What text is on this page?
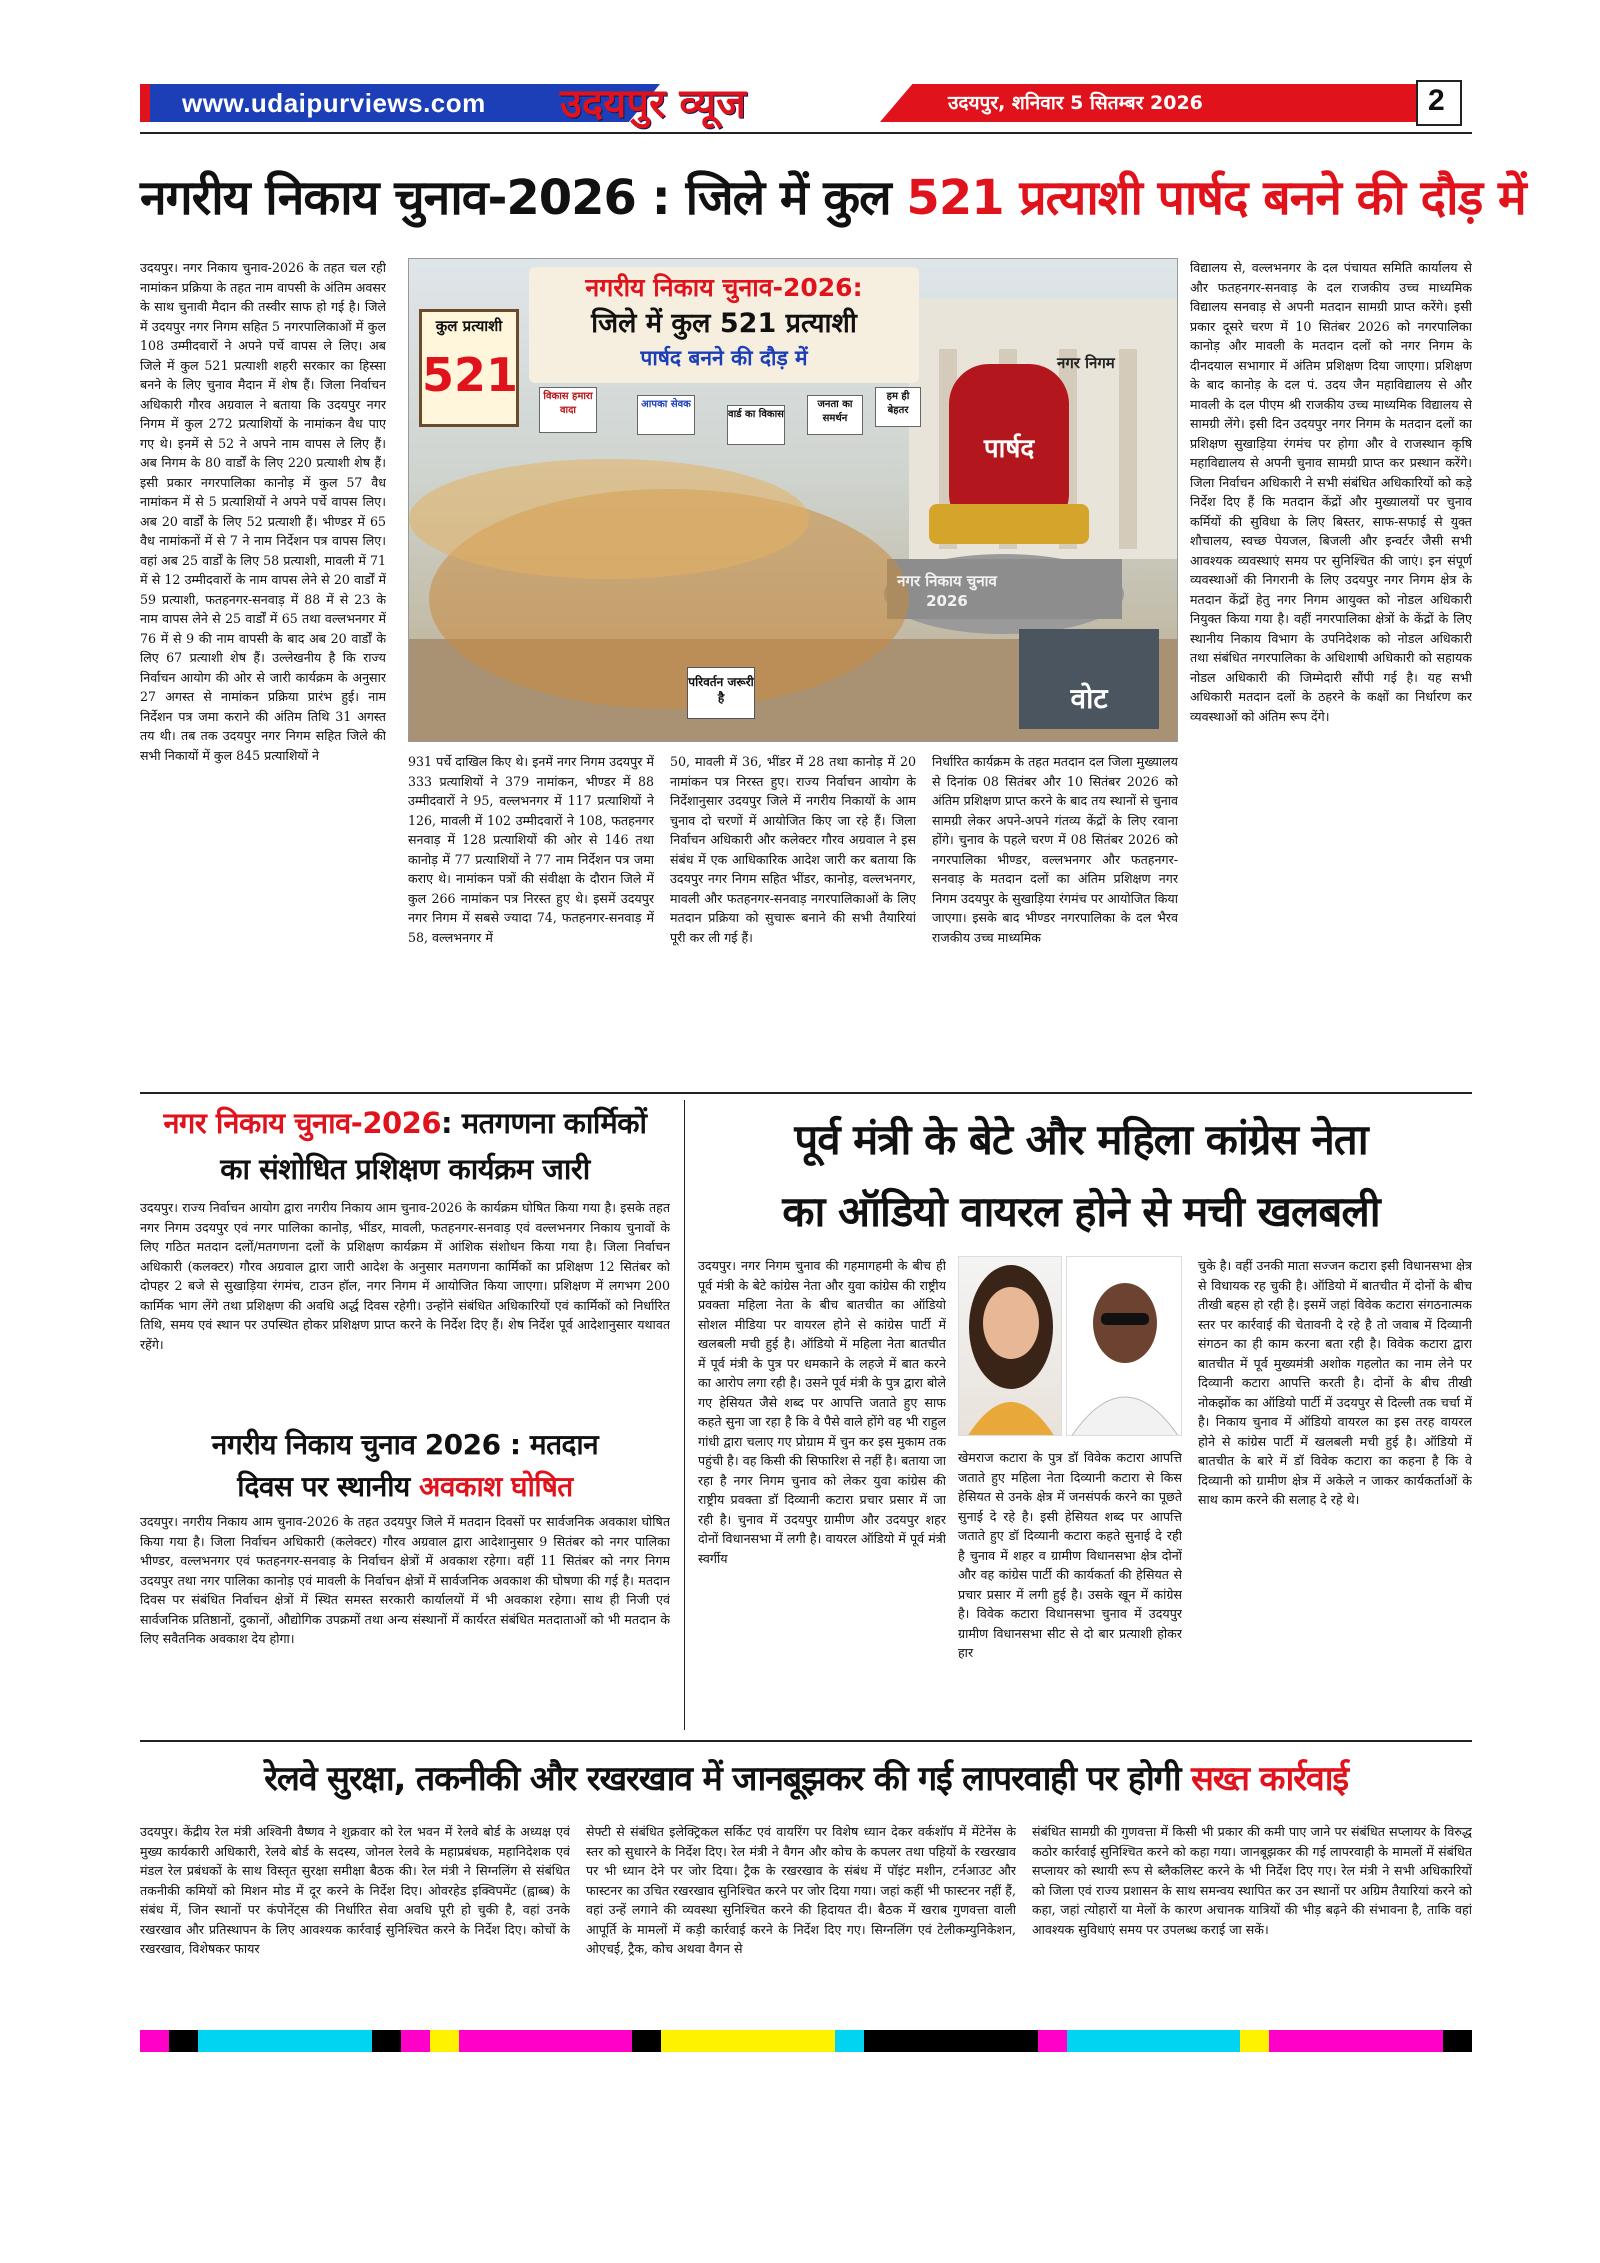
www.udaipurviews.com उदयपुर व्यूज	उदयपुर, शनिवार 5 सितम्बर 2026	2
नगरीय निकाय चुनाव-2026 : जिले में कुल 521 प्रत्याशी पार्षद बनने की दौड़ में

उदयपुर। नगर निकाय चुनाव-2026 के तहत चल रही नामांकन प्रक्रिया के तहत नाम वापसी के अंतिम अवसर के साथ चुनावी मैदान की तस्वीर साफ हो गई है। जिले में उदयपुर नगर निगम सहित 5 नगरपालिकाओं में कुल 108 उम्मीदवारों ने अपने पर्चे वापस ले लिए। अब जिले में कुल 521 प्रत्याशी शहरी सरकार का हिस्सा बनने के लिए चुनाव मैदान में शेष हैं। जिला निर्वाचन अधिकारी गौरव अग्रवाल ने बताया कि उदयपुर नगर निगम में कुल 272 प्रत्याशियों के नामांकन वैध पाए गए थे। इनमें से 52 ने अपने नाम वापस ले लिए हैं। अब निगम के 80 वार्डों के लिए 220 प्रत्याशी शेष हैं। इसी प्रकार नगरपालिका कानोड़ में कुल 57 वैध नामांकन में से 5 प्रत्याशियों ने अपने पर्चे वापस लिए। अब 20 वार्डों के लिए 52 प्रत्याशी हैं। भीण्डर में 65 वैध नामांकनों में से 7 ने नाम निर्देशन पत्र वापस लिए। वहां अब 25 वार्डों के लिए 58 प्रत्याशी, मावली में 71 में से 12 उम्मीदवारों के नाम वापस लेने से 20 वार्डों में 59 प्रत्याशी, फतहनगर-सनवाड़ में 88 में से 23 के नाम वापस लेने से 25 वार्डों में 65 तथा वल्लभनगर में 76 में से 9 की नाम वापसी के बाद अब 20 वार्डों के लिए 67 प्रत्याशी शेष हैं। उल्लेखनीय है कि राज्य निर्वाचन आयोग की ओर से जारी कार्यक्रम के अनुसार 27 अगस्त से नामांकन प्रक्रिया प्रारंभ हुई। नाम निर्देशन पत्र जमा कराने की अंतिम तिथि 31 अगस्त तय थी। तब तक उदयपुर नगर निगम सहित जिले की सभी निकायों में कुल 845 प्रत्याशियों ने	931 पर्चे दाखिल किए थे। इनमें नगर निगम उदयपुर में 333 प्रत्याशियों ने 379 नामांकन, भीण्डर में 88 उम्मीदवारों ने 95, वल्लभनगर में 117 प्रत्याशियों ने 126, मावली में 102 उम्मीदवारों ने 108, फतहनगर सनवाड़ में 128 प्रत्याशियों की ओर से 146 तथा कानोड़ में 77 प्रत्याशियों ने 77 नाम निर्देशन पत्र जमा कराए थे। नामांकन पत्रों की संवीक्षा के दौरान जिले में कुल 266 नामांकन पत्र निरस्त हुए थे। इसमें उदयपुर नगर निगम में सबसे ज्यादा 74, फतहनगर-सनवाड़ में 58, वल्लभनगर में

50, मावली में 36, भींडर में 28 तथा कानोड़ में 20 नामांकन पत्र निरस्त हुए। राज्य निर्वाचन आयोग के निर्देशानुसार उदयपुर जिले में नगरीय निकायों के आम चुनाव दो चरणों में आयोजित किए जा रहे हैं। जिला निर्वाचन अधिकारी और कलेक्टर गौरव अग्रवाल ने इस संबंध में एक आधिकारिक आदेश जारी कर बताया कि उदयपुर नगर निगम सहित भींडर, कानोड़, वल्लभनगर, मावली और फतहनगर-सनवाड़ नगरपालिकाओं के लिए मतदान प्रक्रिया को सुचारू बनाने की सभी तैयारियां पूरी कर ली गई हैं।

निर्धारित कार्यक्रम के तहत मतदान दल जिला मुख्यालय से दिनांक 08 सितंबर और 10 सितंबर 2026 को अंतिम प्रशिक्षण प्राप्त करने के बाद तय स्थानों से चुनाव सामग्री लेकर अपने-अपने गंतव्य केंद्रों के लिए रवाना होंगे। चुनाव के पहले चरण में 08 सितंबर 2026 को नगरपालिका भीण्डर, वल्लभनगर और फतहनगर-सनवाड़ के मतदान दलों का अंतिम प्रशिक्षण नगर निगम उदयपुर के सुखाड़िया रंगमंच पर आयोजित किया जाएगा। इसके बाद भीण्डर नगरपालिका के दल भैरव राजकीय उच्च माध्यमिक

विद्यालय से, वल्लभनगर के दल पंचायत समिति कार्यालय से और फतहनगर-सनवाड़ के दल राजकीय उच्च माध्यमिक विद्यालय सनवाड़ से अपनी मतदान सामग्री प्राप्त करेंगे। इसी प्रकार दूसरे चरण में 10 सितंबर 2026 को नगरपालिका कानोड़ और मावली के मतदान दलों को नगर निगम के दीनदयाल सभागार में अंतिम प्रशिक्षण दिया जाएगा। प्रशिक्षण के बाद कानोड़ के दल पं. उदय जैन महाविद्यालय से और मावली के दल पीएम श्री राजकीय उच्च माध्यमिक विद्यालय से सामग्री लेंगे। इसी दिन उदयपुर नगर निगम के मतदान दलों का प्रशिक्षण सुखाड़िया रंगमंच पर होगा और वे राजस्थान कृषि महाविद्यालय से अपनी चुनाव सामग्री प्राप्त कर प्रस्थान करेंगे। जिला निर्वाचन अधिकारी ने सभी संबंधित अधिकारियों को कड़े निर्देश दिए हैं कि मतदान केंद्रों और मुख्यालयों पर चुनाव कर्मियों की सुविधा के लिए बिस्तर, साफ-सफाई से युक्त शौचालय, स्वच्छ पेयजल, बिजली और इन्वर्टर जैसी सभी आवश्यक व्यवस्थाएं समय पर सुनिश्चित की जाएं। इन संपूर्ण व्यवस्थाओं की निगरानी के लिए उदयपुर नगर निगम क्षेत्र के मतदान केंद्रों हेतु नगर निगम आयुक्त को नोडल अधिकारी नियुक्त किया गया है। वहीं नगरपालिका क्षेत्रों के केंद्रों के लिए स्थानीय निकाय विभाग के उपनिदेशक को नोडल अधिकारी तथा संबंधित नगरपालिका के अधिशाषी अधिकारी को सहायक नोडल अधिकारी की जिम्मेदारी सौंपी गई है। यह सभी अधिकारी मतदान दलों के ठहरने के कक्षों का निर्धारण कर व्यवस्थाओं को अंतिम रूप देंगे।

नगरीय निकाय चुनाव-2026:
जिले में कुल 521 प्रत्याशी
पार्षद बनने की दौड़ में
कुल प्रत्याशी
521	विकास हमारा वादा
आपका सेवक
वार्ड का विकास
जनता का समर्थन
हम ही बेहतर
परिवर्तन जरूरी है
नगर निगम
पार्षद
नगर निकाय चुनाव 2026
वोट
नगर निकाय चुनाव-2026: मतगणना कार्मिकों
का संशोधित प्रशिक्षण कार्यक्रम जारी

उदयपुर। राज्य निर्वाचन आयोग द्वारा नगरीय निकाय आम चुनाव-2026 के कार्यक्रम घोषित किया गया है। इसके तहत नगर निगम उदयपुर एवं नगर पालिका कानोड़, भींडर, मावली, फतहनगर-सनवाड़ एवं वल्लभनगर निकाय चुनावों के लिए गठित मतदान दलों/मतगणना दलों के प्रशिक्षण कार्यक्रम में आंशिक संशोधन किया गया है। जिला निर्वाचन अधिकारी (कलक्टर) गौरव अग्रवाल द्वारा जारी आदेश के अनुसार मतगणना कार्मिकों का प्रशिक्षण 12 सितंबर को दोपहर 2 बजे से सुखाड़िया रंगमंच, टाउन हॉल, नगर निगम में आयोजित किया जाएगा। प्रशिक्षण में लगभग 200 कार्मिक भाग लेंगे तथा प्रशिक्षण की अवधि अर्द्ध दिवस रहेगी। उन्होंने संबंधित अधिकारियों एवं कार्मिकों को निर्धारित तिथि, समय एवं स्थान पर उपस्थित होकर प्रशिक्षण प्राप्त करने के निर्देश दिए हैं। शेष निर्देश पूर्व आदेशानुसार यथावत रहेंगे।

नगरीय निकाय चुनाव 2026 : मतदान
दिवस पर स्थानीय अवकाश घोषित

उदयपुर। नगरीय निकाय आम चुनाव-2026 के तहत उदयपुर जिले में मतदान दिवसों पर सार्वजनिक अवकाश घोषित किया गया है। जिला निर्वाचन अधिकारी (कलेक्टर) गौरव अग्रवाल द्वारा आदेशानुसार 9 सितंबर को नगर पालिका भीण्डर, वल्लभनगर एवं फतहनगर-सनवाड़ के निर्वाचन क्षेत्रों में अवकाश रहेगा। वहीं 11 सितंबर को नगर निगम उदयपुर तथा नगर पालिका कानोड़ एवं मावली के निर्वाचन क्षेत्रों में सार्वजनिक अवकाश की घोषणा की गई है। मतदान दिवस पर संबंधित निर्वाचन क्षेत्रों में स्थित समस्त सरकारी कार्यालयों में भी अवकाश रहेगा। साथ ही निजी एवं सार्वजनिक प्रतिष्ठानों, दुकानों, औद्योगिक उपक्रमों तथा अन्य संस्थानों में कार्यरत संबंधित मतदाताओं को भी मतदान के लिए सवैतनिक अवकाश देय होगा।

पूर्व मंत्री के बेटे और महिला कांग्रेस नेता
का ऑडियो वायरल होने से मची खलबली

उदयपुर। नगर निगम चुनाव की गहमागहमी के बीच ही पूर्व मंत्री के बेटे कांग्रेस नेता और युवा कांग्रेस की राष्ट्रीय प्रवक्ता महिला नेता के बीच बातचीत का ऑडियो सोशल मीडिया पर वायरल होने से कांग्रेस पार्टी में खलबली मची हुई है। ऑडियो में महिला नेता बातचीत में पूर्व मंत्री के पुत्र पर धमकाने के लहजे में बात करने का आरोप लगा रही है। उसने पूर्व मंत्री के पुत्र द्वारा बोले गए हेसियत जैसे शब्द पर आपत्ति जताते हुए साफ कहते सुना जा रहा है कि वे पैसे वाले होंगे वह भी राहुल गांधी द्वारा चलाए गए प्रोग्राम में चुन कर इस मुकाम तक पहुंची है। वह किसी की सिफारिश से नहीं है। बताया जा रहा है नगर निगम चुनाव को लेकर युवा कांग्रेस की राष्ट्रीय प्रवक्ता डॉ दिव्यानी कटारा प्रचार प्रसार में जा रही है। चुनाव में उदयपुर ग्रामीण और उदयपुर शहर दोनों विधानसभा में लगी है। वायरल ऑडियो में पूर्व मंत्री स्वर्गीय

खेमराज कटारा के पुत्र डॉ विवेक कटारा आपत्ति जताते हुए महिला नेता दिव्यानी कटारा से किस हेसियत से उनके क्षेत्र में जनसंपर्क करने का पूछते सुनाई दे रहे है। इसी हेसियत शब्द पर आपत्ति जताते हुए डॉ दिव्यानी कटारा कहते सुनाई दे रही है चुनाव में शहर व ग्रामीण विधानसभा क्षेत्र दोनों और वह कांग्रेस पार्टी की कार्यकर्ता की हेसियत से प्रचार प्रसार में लगी हुई है। उसके खून में कांग्रेस है। विवेक कटारा विधानसभा चुनाव में उदयपुर ग्रामीण विधानसभा सीट से दो बार प्रत्याशी होकर हार

चुके है। वहीं उनकी माता सज्जन कटारा इसी विधानसभा क्षेत्र से विधायक रह चुकी है। ऑडियो में बातचीत में दोनों के बीच तीखी बहस हो रही है। इसमें जहां विवेक कटारा संगठनात्मक स्तर पर कार्रवाई की चेतावनी दे रहे है तो जवाब में दिव्यानी संगठन का ही काम करना बता रही है। विवेक कटारा द्वारा बातचीत में पूर्व मुख्यमंत्री अशोक गहलोत का नाम लेने पर दिव्यानी कटारा आपत्ति करती है। दोनों के बीच तीखी नोकझोंक का ऑडियो पार्टी में उदयपुर से दिल्ली तक चर्चा में है। निकाय चुनाव में ऑडियो वायरल का इस तरह वायरल होने से कांग्रेस पार्टी में खलबली मची हुई है। ऑडियो में बातचीत के बारे में डॉ विवेक कटारा का कहना है कि वे दिव्यानी को ग्रामीण क्षेत्र में अकेले न जाकर कार्यकर्ताओं के साथ काम करने की सलाह दे रहे थे।

रेलवे सुरक्षा, तकनीकी और रखरखाव में जानबूझकर की गई लापरवाही पर होगी सख्त कार्रवाई

उदयपुर। केंद्रीय रेल मंत्री अश्विनी वैष्णव ने शुक्रवार को रेल भवन में रेलवे बोर्ड के अध्यक्ष एवं मुख्य कार्यकारी अधिकारी, रेलवे बोर्ड के सदस्य, जोनल रेलवे के महाप्रबंधक, महानिदेशक एवं मंडल रेल प्रबंधकों के साथ विस्तृत सुरक्षा समीक्षा बैठक की। रेल मंत्री ने सिग्नलिंग से संबंधित तकनीकी कमियों को मिशन मोड में दूर करने के निर्देश दिए। ओवरहेड इक्विपमेंट (ह्वाब्ब) के संबंध में, जिन स्थानों पर कंपोनेंट्स की निर्धारित सेवा अवधि पूरी हो चुकी है, वहां उनके रखरखाव और प्रतिस्थापन के लिए आवश्यक कार्रवाई सुनिश्चित करने के निर्देश दिए। कोचों के रखरखाव, विशेषकर फायर

सेफ्टी से संबंधित इलेक्ट्रिकल सर्किट एवं वायरिंग पर विशेष ध्यान देकर वर्कशॉप में मेंटेनेंस के स्तर को सुधारने के निर्देश दिए। रेल मंत्री ने वैगन और कोच के कपलर तथा पहियों के रखरखाव पर भी ध्यान देने पर जोर दिया। ट्रैक के रखरखाव के संबंध में पॉइंट मशीन, टर्नआउट और फास्टनर का उचित रखरखाव सुनिश्चित करने पर जोर दिया गया। जहां कहीं भी फास्टनर नहीं हैं, वहां उन्हें लगाने की व्यवस्था सुनिश्चित करने की हिदायत दी। बैठक में खराब गुणवत्ता वाली आपूर्ति के मामलों में कड़ी कार्रवाई करने के निर्देश दिए गए। सिग्नलिंग एवं टेलीकम्युनिकेशन, ओएचई, ट्रैक, कोच अथवा वैगन से

संबंधित सामग्री की गुणवत्ता में किसी भी प्रकार की कमी पाए जाने पर संबंधित सप्लायर के विरुद्ध कठोर कार्रवाई सुनिश्चित करने को कहा गया। जानबूझकर की गई लापरवाही के मामलों में संबंधित सप्लायर को स्थायी रूप से ब्लैकलिस्ट करने के भी निर्देश दिए गए। रेल मंत्री ने सभी अधिकारियों को जिला एवं राज्य प्रशासन के साथ समन्वय स्थापित कर उन स्थानों पर अग्रिम तैयारियां करने को कहा, जहां त्योहारों या मेलों के कारण अचानक यात्रियों की भीड़ बढ़ने की संभावना है, ताकि वहां आवश्यक सुविधाएं समय पर उपलब्ध कराई जा सकें।
